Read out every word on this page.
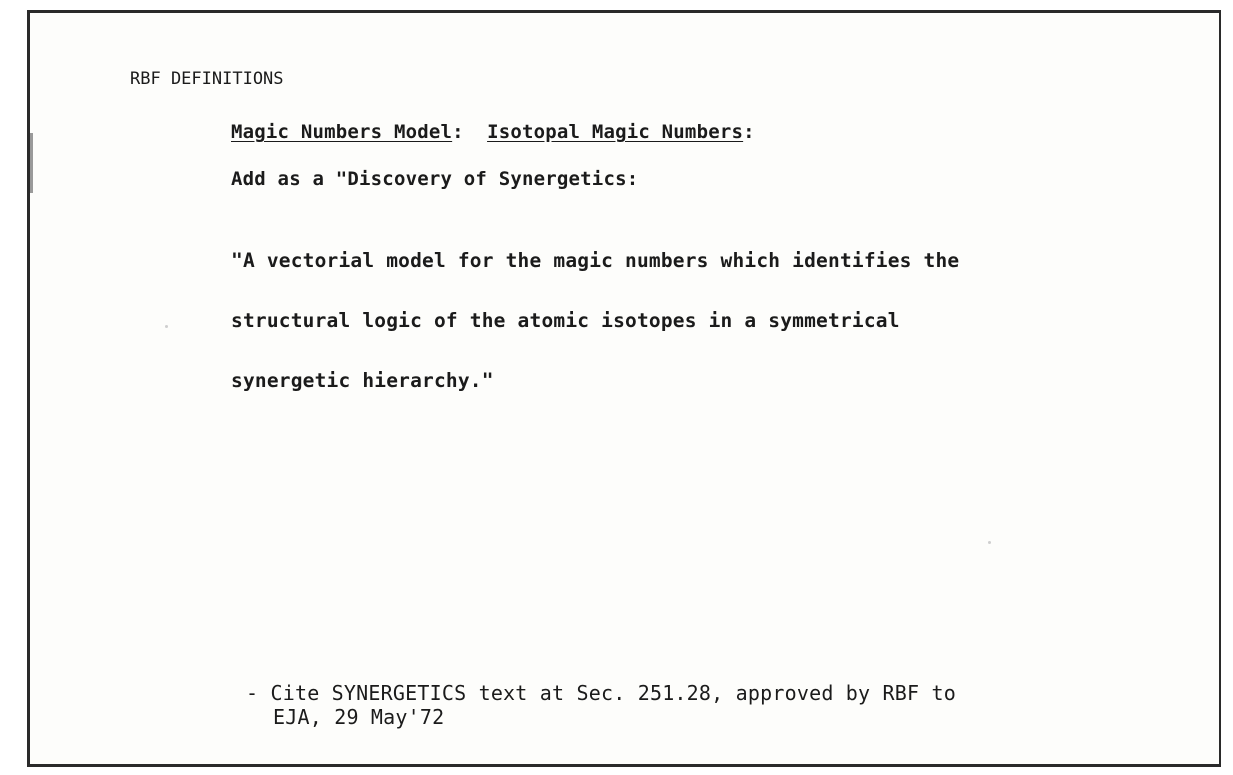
RBF DEFINITIONS

Magic Numbers Model:  Isotopal Magic Numbers:

Add as a "Discovery of Synergetics:

"A vectorial model for the magic numbers which identifies the

structural logic of the atomic isotopes in a symmetrical

synergetic hierarchy."

- Cite SYNERGETICS text at Sec. 251.28, approved by RBF to

EJA, 29 May'72
